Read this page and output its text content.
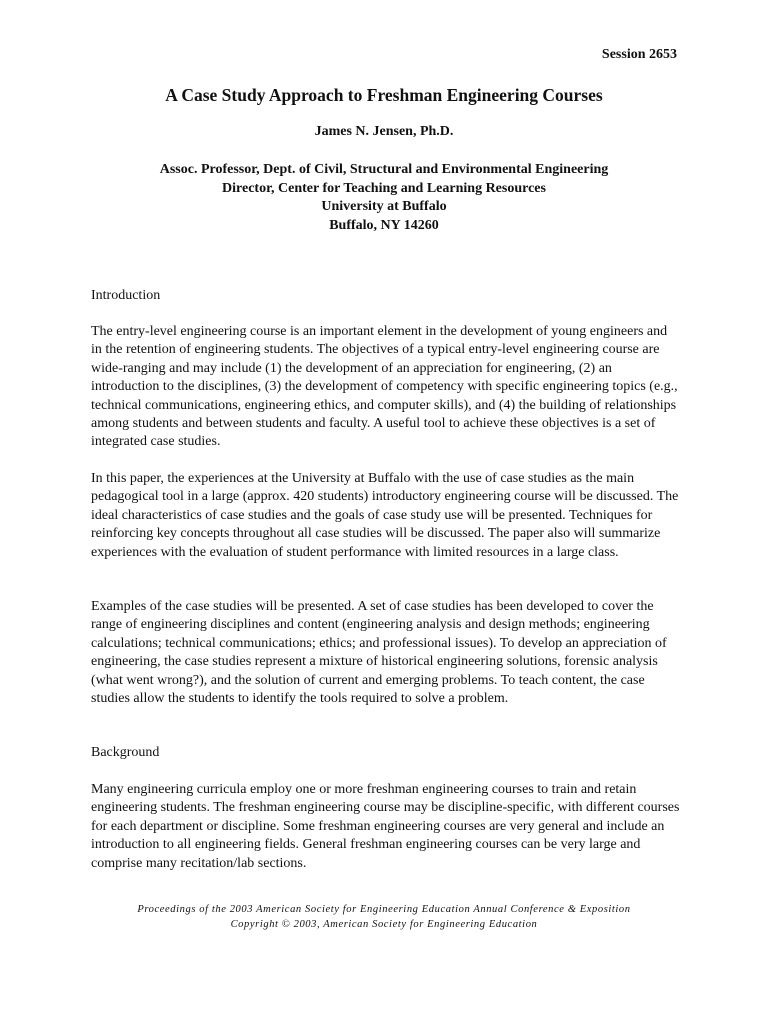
Session 2653
A Case Study Approach to Freshman Engineering Courses
James N. Jensen, Ph.D.
Assoc. Professor, Dept. of Civil, Structural and Environmental Engineering
Director, Center for Teaching and Learning Resources
University at Buffalo
Buffalo, NY 14260
Introduction
The entry-level engineering course is an important element in the development of young engineers and in the retention of engineering students. The objectives of a typical entry-level engineering course are wide-ranging and may include (1) the development of an appreciation for engineering, (2) an introduction to the disciplines, (3) the development of competency with specific engineering topics (e.g., technical communications, engineering ethics, and computer skills), and (4) the building of relationships among students and between students and faculty. A useful tool to achieve these objectives is a set of integrated case studies.
In this paper, the experiences at the University at Buffalo with the use of case studies as the main pedagogical tool in a large (approx. 420 students) introductory engineering course will be discussed. The ideal characteristics of case studies and the goals of case study use will be presented. Techniques for reinforcing key concepts throughout all case studies will be discussed. The paper also will summarize experiences with the evaluation of student performance with limited resources in a large class.
Examples of the case studies will be presented. A set of case studies has been developed to cover the range of engineering disciplines and content (engineering analysis and design methods; engineering calculations; technical communications; ethics; and professional issues). To develop an appreciation of engineering, the case studies represent a mixture of historical engineering solutions, forensic analysis (what went wrong?), and the solution of current and emerging problems. To teach content, the case studies allow the students to identify the tools required to solve a problem.
Background
Many engineering curricula employ one or more freshman engineering courses to train and retain engineering students. The freshman engineering course may be discipline-specific, with different courses for each department or discipline. Some freshman engineering courses are very general and include an introduction to all engineering fields. General freshman engineering courses can be very large and comprise many recitation/lab sections.
Proceedings of the 2003 American Society for Engineering Education Annual Conference & Exposition
Copyright © 2003, American Society for Engineering Education
